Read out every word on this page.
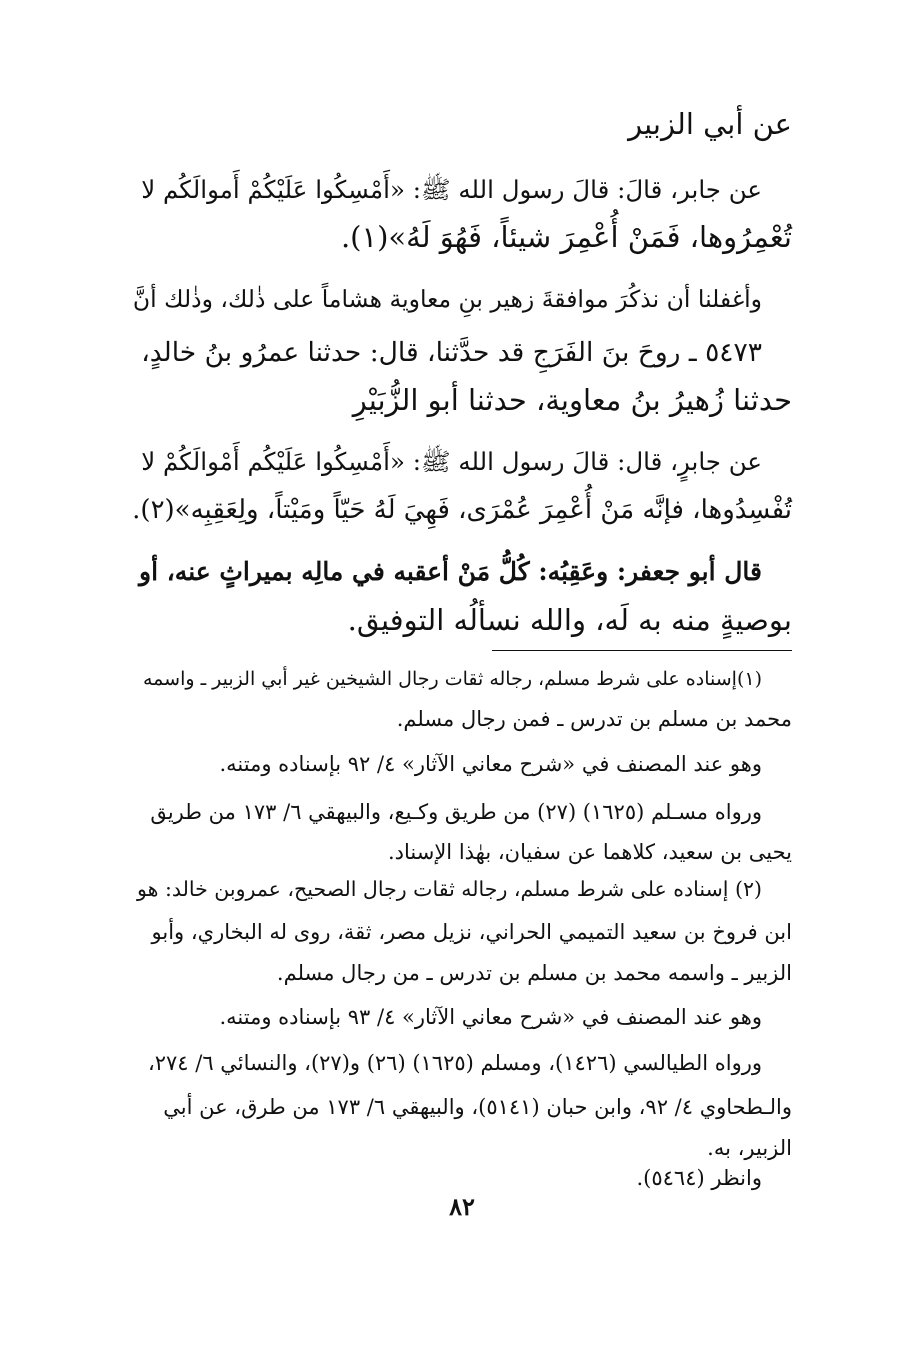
عن أبي الزبير
عن جابر، قالَ: قالَ رسول الله ﷺ: «أَمْسِكُوا عَلَيْكُمْ أَموالَكُم لا
تُعْمِرُوها، فَمَنْ أُعْمِرَ شيئاً، فَهُوَ لَهُ»(١).
وأغفلنا أن نذكُرَ موافقةَ زهير بنِ معاوية هشاماً على ذٰلك، وذٰلك أنَّ
٥٤٧٣ ـ روحَ بنَ الفَرَجِ قد حدَّثنا، قال: حدثنا عمرُو بنُ خالدٍ،
حدثنا زُهيرُ بنُ معاوية، حدثنا أبو الزُّبَيْرِ
عن جابرٍ، قال: قالَ رسول الله ﷺ: «أَمْسِكُوا عَلَيْكُم أَمْوالَكُمْ لا
تُفْسِدُوها، فإنَّه مَنْ أُعْمِرَ عُمْرَى، فَهِيَ لَهُ حَيّاً ومَيْتاً، ولِعَقِبِه»(٢).
قال أبو جعفر: وعَقِبُه: كُلُّ مَنْ أعقبه في مالِه بميراثٍ عنه، أو
بوصيةٍ منه به لَه، والله نسألُه التوفيق.
(١)إسناده على شرط مسلم، رجاله ثقات رجال الشيخين غير أبي الزبير ـ واسمه
محمد بن مسلم بن تدرس ـ فمن رجال مسلم.
وهو عند المصنف في «شرح معاني الآثار» ٤/ ٩٢ بإسناده ومتنه.
ورواه مسـلم (١٦٢٥) (٢٧) من طريق وكـيع، والبيهقي ٦/ ١٧٣ من طريق
يحيى بن سعيد، كلاهما عن سفيان، بهٰذا الإسناد.
(٢) إسناده على شرط مسلم، رجاله ثقات رجال الصحيح، عمروبن خالد: هو
ابن فروخ بن سعيد التميمي الحراني، نزيل مصر، ثقة، روى له البخاري، وأبو
الزبير ـ واسمه محمد بن مسلم بن تدرس ـ من رجال مسلم.
وهو عند المصنف في «شرح معاني الآثار» ٤/ ٩٣ بإسناده ومتنه.
ورواه الطيالسي (١٤٢٦)، ومسلم (١٦٢٥) (٢٦) و(٢٧)، والنسائي ٦/ ٢٧٤،
والـطحاوي ٤/ ٩٢، وابن حبان (٥١٤١)، والبيهقي ٦/ ١٧٣ من طرق، عن أبي
الزبير، به.
وانظر (٥٤٦٤).
٨٢
